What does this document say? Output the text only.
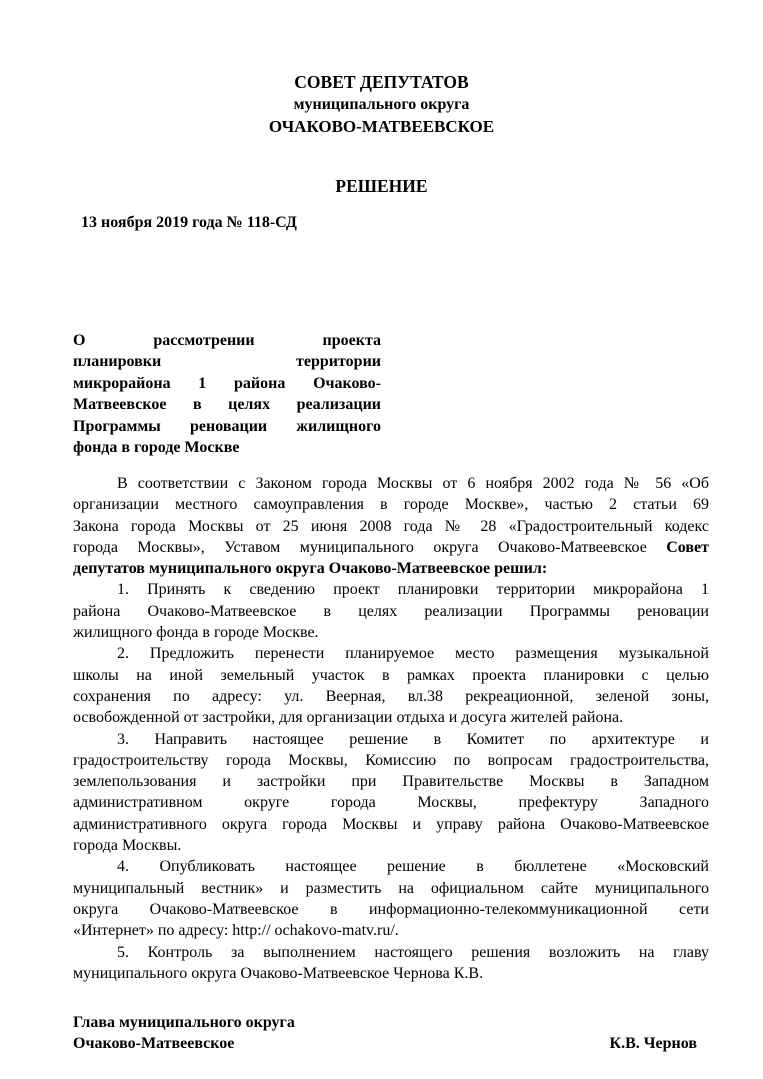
СОВЕТ ДЕПУТАТОВ
муниципального округа
ОЧАКОВО-МАТВЕЕВСКОЕ
РЕШЕНИЕ
13 ноября 2019 года № 118-СД
О рассмотрении проекта
планировки территории
микрорайона 1 района Очаково-
Матвеевское в целях реализации
Программы реновации жилищного
фонда в городе Москве
В соответствии с Законом города Москвы от 6 ноября 2002 года № 56 «Об
организации местного самоуправления в городе Москве», частью 2 статьи 69
Закона города Москвы от 25 июня 2008 года № 28 «Градостроительный кодекс
города Москвы», Уставом муниципального округа Очаково-Матвеевское Совет
депутатов муниципального округа Очаково-Матвеевское решил:
1. Принять к сведению проект планировки территории микрорайона 1
района Очаково-Матвеевское в целях реализации Программы реновации
жилищного фонда в городе Москве.
2. Предложить перенести планируемое место размещения музыкальной
школы на иной земельный участок в рамках проекта планировки с целью
сохранения по адресу: ул. Веерная, вл.38 рекреационной, зеленой зоны,
освобожденной от застройки, для организации отдыха и досуга жителей района.
3. Направить настоящее решение в Комитет по архитектуре и
градостроительству города Москвы, Комиссию по вопросам градостроительства,
землепользования и застройки при Правительстве Москвы в Западном
административном округе города Москвы, префектуру Западного
административного округа города Москвы и управу района Очаково-Матвеевское
города Москвы.
4. Опубликовать настоящее решение в бюллетене «Московский
муниципальный вестник» и разместить на официальном сайте муниципального
округа Очаково-Матвеевское в информационно-телекоммуникационной сети
«Интернет» по адресу: http:// ochakovo-matv.ru/.
5. Контроль за выполнением настоящего решения возложить на главу
муниципального округа Очаково-Матвеевское Чернова К.В.
Глава муниципального округа
Очаково-Матвеевское	К.В. Чернов
